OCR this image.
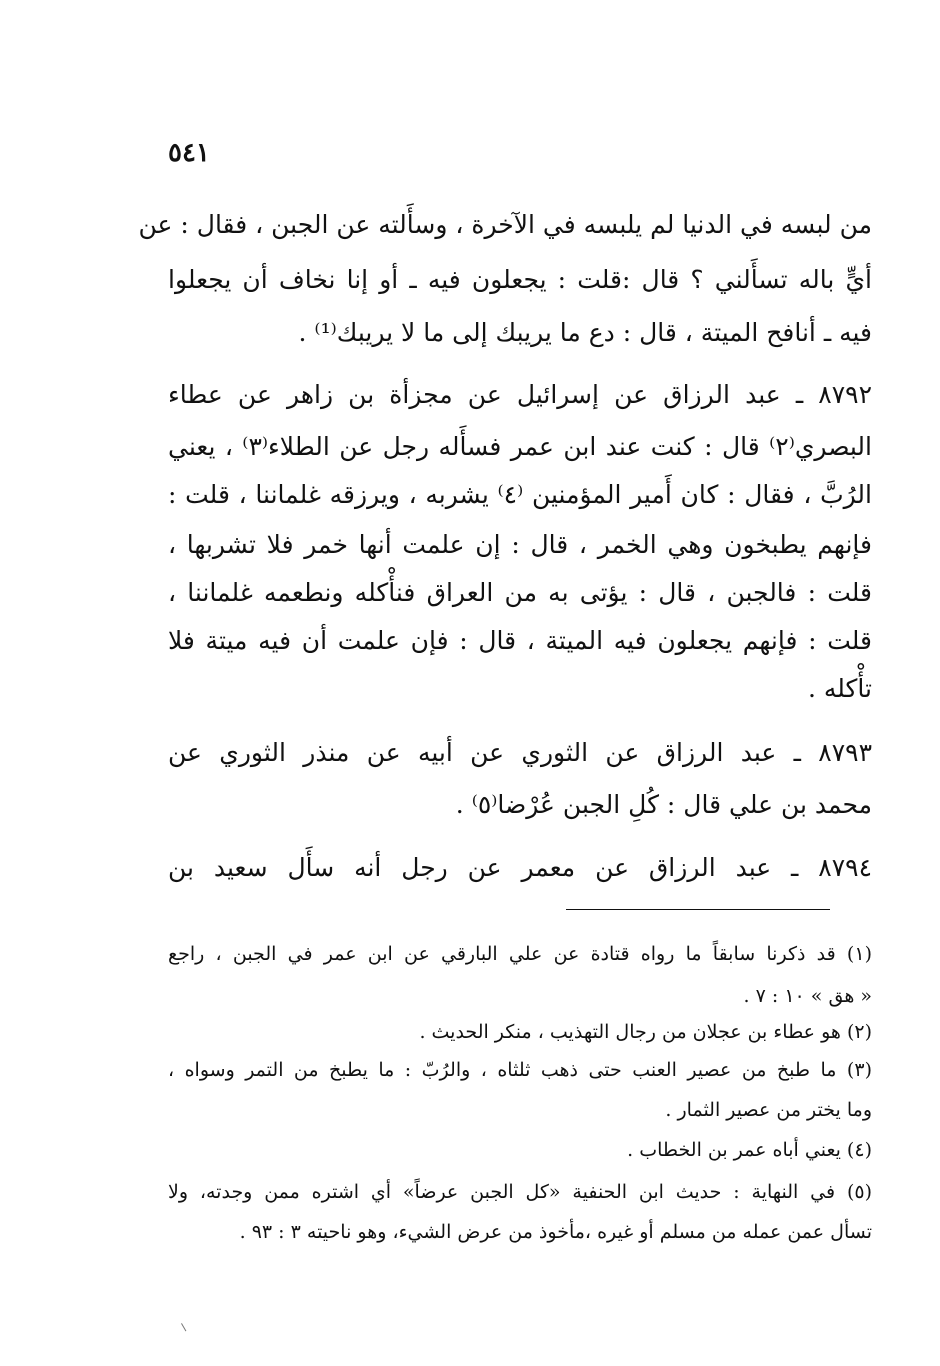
٥٤١
من لبسه في الدنيا لم يلبسه في الآخرة ، وسأَلته عن الجبن ، فقال : عن
أيٍّ باله تسأَلني ؟ قال :قلت : يجعلون فيه ـ أو إنا نخاف أن يجعلوا
فيه ـ أنافح الميتة ، قال : دع ما يريبك إلى ما لا يريبك⁽¹⁾ .
٨٧٩٢ ـ عبد الرزاق عن إسرائيل عن مجزأة بن زاهر عن عطاء
البصري⁽٢⁾ قال : كنت عند ابن عمر فسأَله رجل عن الطلاء⁽٣⁾ ، يعني
الرُبَّ ، فقال : كان أَمير المؤمنين ⁽٤⁾ يشربه ، ويرزقه غلماننا ، قلت :
فإنهم يطبخون وهي الخمر ، قال : إن علمت أنها خمر فلا تشربها ،
قلت : فالجبن ، قال : يؤتى به من العراق فنأْكله ونطعمه غلماننا ،
قلت : فإنهم يجعلون فيه الميتة ، قال : فإن علمت أن فيه ميتة فلا
تأْكله .
٨٧٩٣ ـ عبد الرزاق عن الثوري عن أبيه عن منذر الثوري عن
محمد بن علي قال : كُلِ الجبن عُرْضا⁽٥⁾ .
٨٧٩٤ ـ عبد الرزاق عن معمر عن رجل أنه سأَل سعيد بن
(١) قد ذكرنا سابقاً ما رواه قتادة عن علي البارقي عن ابن عمر في الجبن ، راجع
« هق » ١٠ : ٧ .
(٢) هو عطاء بن عجلان من رجال التهذيب ، منكر الحديث .
(٣) ما طبخ من عصير العنب حتى ذهب ثلثاه ، والرُبّ : ما يطبخ من التمر وسواه ،
وما يختر من عصير الثمار .
(٤) يعني أباه عمر بن الخطاب .
(٥) في النهاية : حديث ابن الحنفية «كل الجبن عرضاً» أي اشتره ممن وجدته، ولا
تسأل عمن عمله من مسلم أو غيره ،مأخوذ من عرض الشيء، وهو ناحيته ٣ : ٩٣ .
